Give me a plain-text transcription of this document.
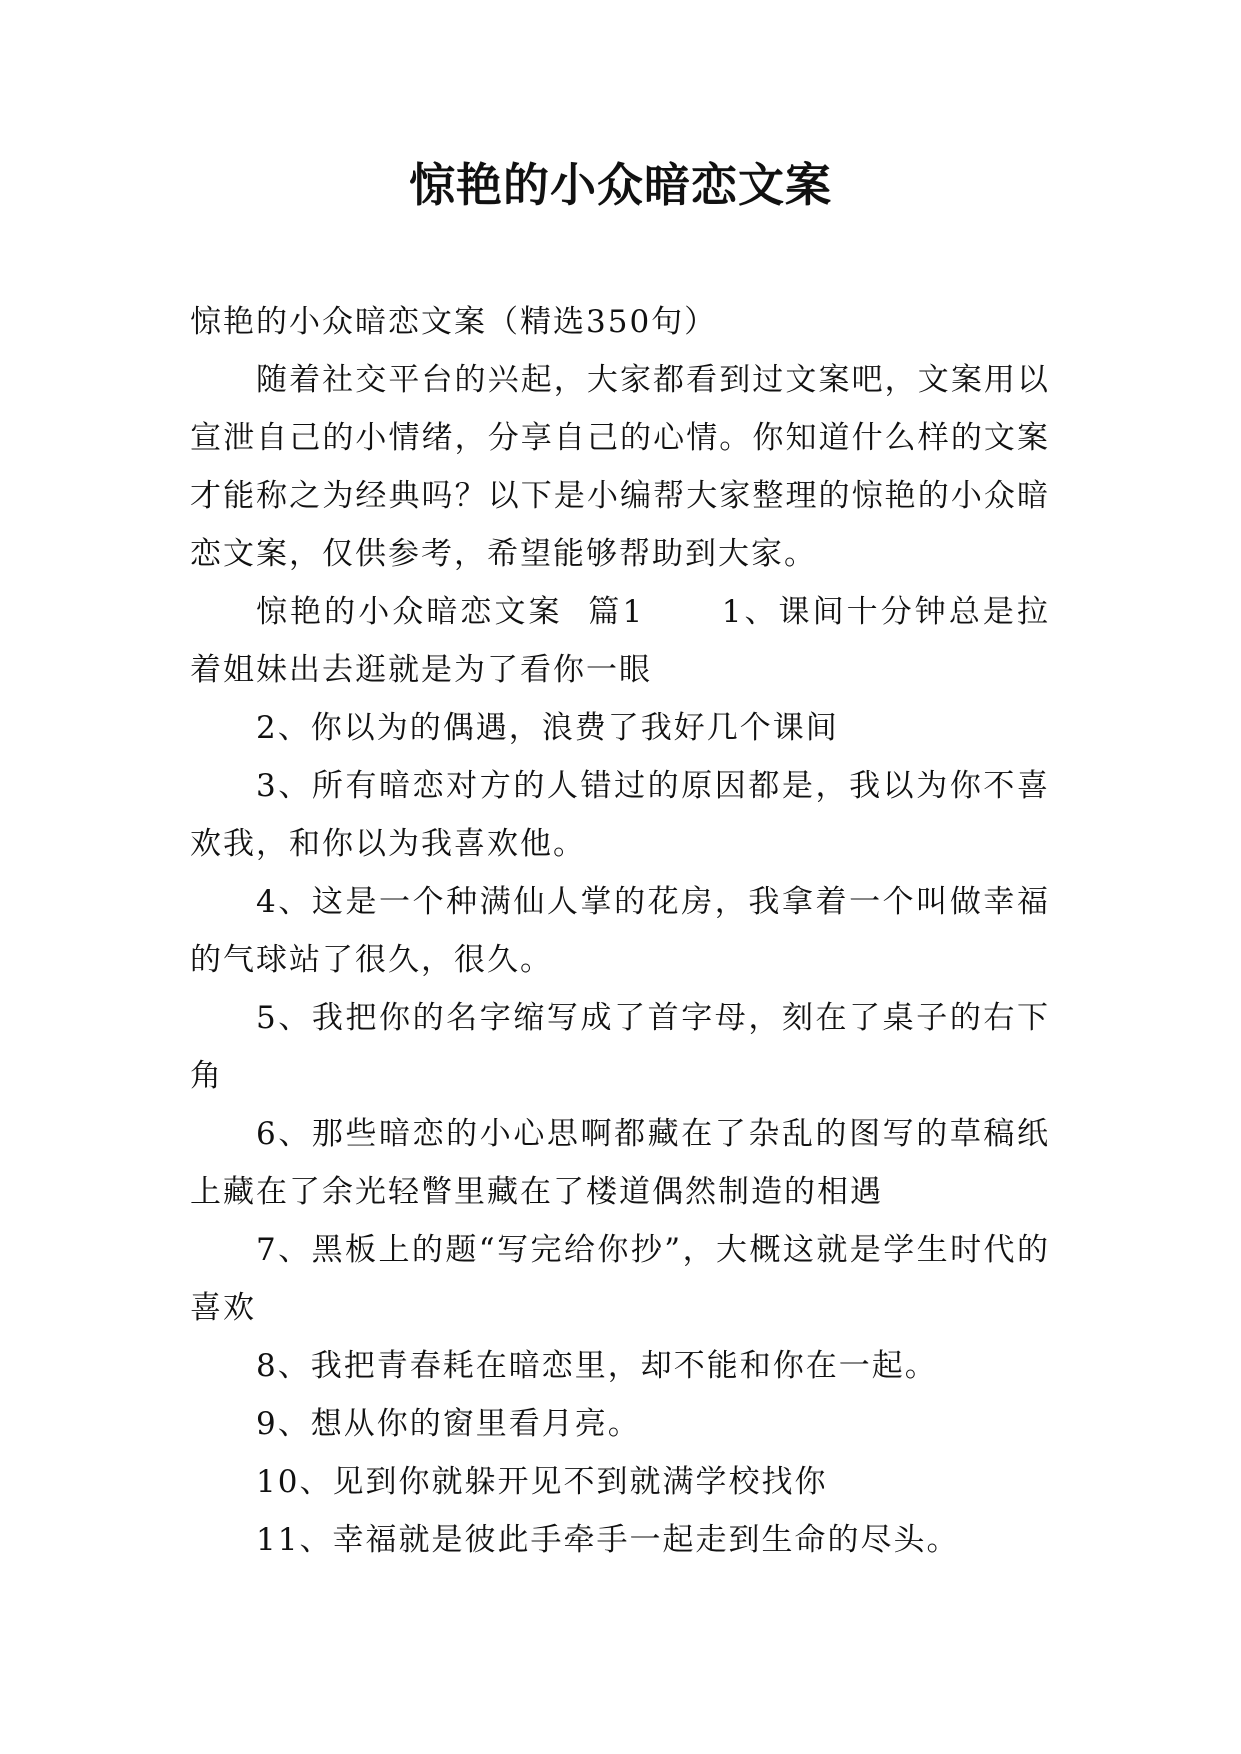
惊艳的小众暗恋文案

惊艳的小众暗恋文案（精选350句）

随着社交平台的兴起，大家都看到过文案吧，文案用以宣泄自己的小情绪，分享自己的心情。你知道什么样的文案才能称之为经典吗？以下是小编帮大家整理的惊艳的小众暗恋文案，仅供参考，希望能够帮助到大家。

惊艳的小众暗恋文案  篇1      1、课间十分钟总是拉着姐妹出去逛就是为了看你一眼

2、你以为的偶遇，浪费了我好几个课间

3、所有暗恋对方的人错过的原因都是，我以为你不喜欢我，和你以为我喜欢他。

4、这是一个种满仙人掌的花房，我拿着一个叫做幸福的气球站了很久，很久。

5、我把你的名字缩写成了首字母，刻在了桌子的右下角

6、那些暗恋的小心思啊都藏在了杂乱的图写的草稿纸上藏在了余光轻瞥里藏在了楼道偶然制造的相遇

7、黑板上的题“写完给你抄”，大概这就是学生时代的喜欢

8、我把青春耗在暗恋里，却不能和你在一起。

9、想从你的窗里看月亮。

10、见到你就躲开见不到就满学校找你

11、幸福就是彼此手牵手一起走到生命的尽头。
